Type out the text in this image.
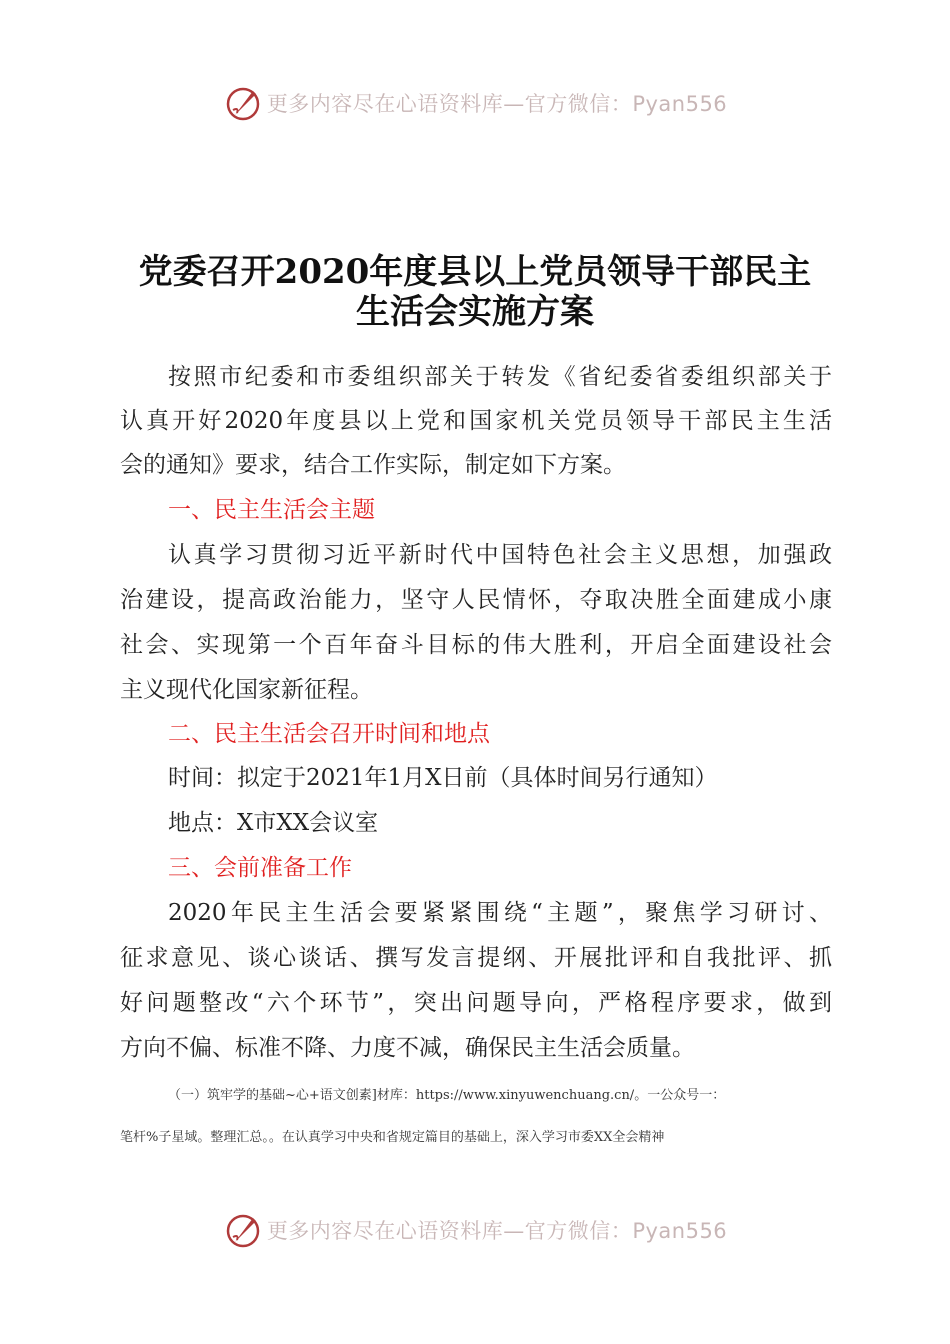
更多内容尽在心语资料库—官方微信：Pyan556
党委召开2020年度县以上党员领导干部民主
生活会实施方案
按照市纪委和市委组织部关于转发《省纪委省委组织部关于
认真开好2020年度县以上党和国家机关党员领导干部民主生活
会的通知》要求，结合工作实际，制定如下方案。
一、民主生活会主题
认真学习贯彻习近平新时代中国特色社会主义思想，加强政
治建设，提高政治能力，坚守人民情怀，夺取决胜全面建成小康
社会、实现第一个百年奋斗目标的伟大胜利，开启全面建设社会
主义现代化国家新征程。
二、民主生活会召开时间和地点
时间：拟定于2021年1月X日前（具体时间另行通知）
地点：X市XX会议室
三、会前准备工作
2020年民主生活会要紧紧围绕“主题”，聚焦学习研讨、
征求意见、谈心谈话、撰写发言提纲、开展批评和自我批评、抓
好问题整改“六个环节”，突出问题导向，严格程序要求，做到
方向不偏、标准不降、力度不减，确保民主生活会质量。
（一）筑牢学的基础~心+语文创素]材库：https://www.xinyuwenchuang.cn/。一公众号一：
笔杆%子星域。整理汇总。。在认真学习中央和省规定篇目的基础上，深入学习市委XX全会精神
更多内容尽在心语资料库—官方微信：Pyan556
